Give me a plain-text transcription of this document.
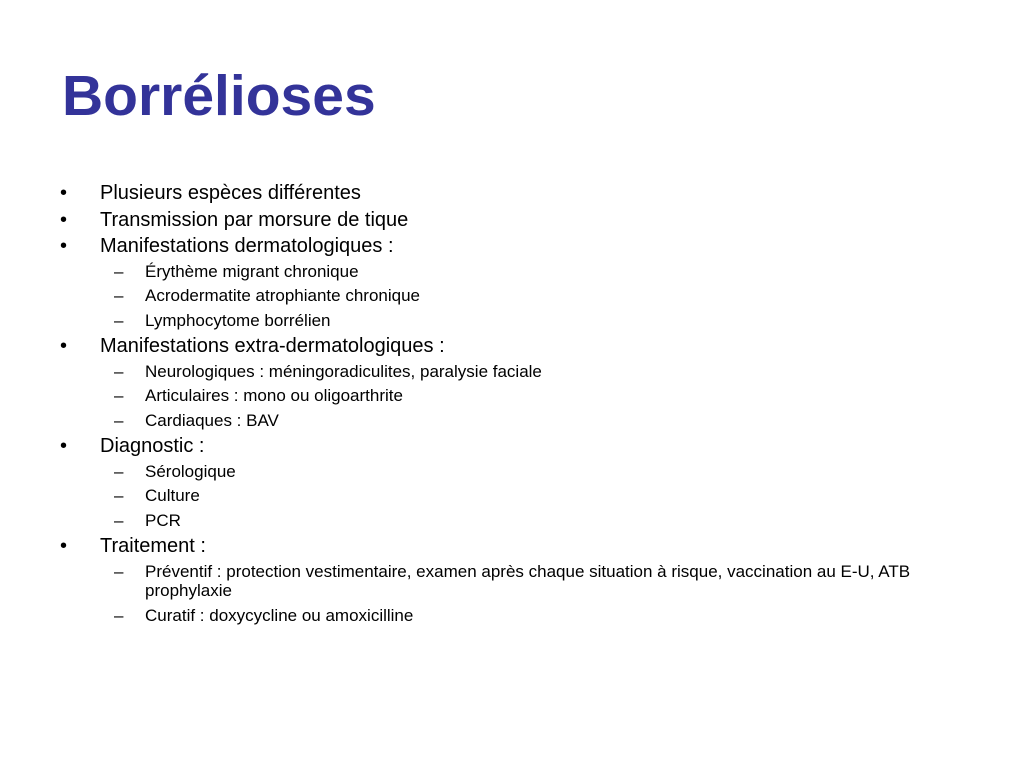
Borrélioses
• Plusieurs espèces différentes
• Transmission par morsure de tique
• Manifestations dermatologiques :
– Érythème migrant chronique
– Acrodermatite atrophiante chronique
– Lymphocytome borrélien
• Manifestations extra-dermatologiques :
– Neurologiques : méningoradiculites, paralysie faciale
– Articulaires : mono ou oligoarthrite
– Cardiaques : BAV
• Diagnostic :
– Sérologique
– Culture
– PCR
• Traitement :
– Préventif : protection vestimentaire, examen après chaque situation à risque, vaccination au E-U, ATB prophylaxie
– Curatif : doxycycline ou amoxicilline
